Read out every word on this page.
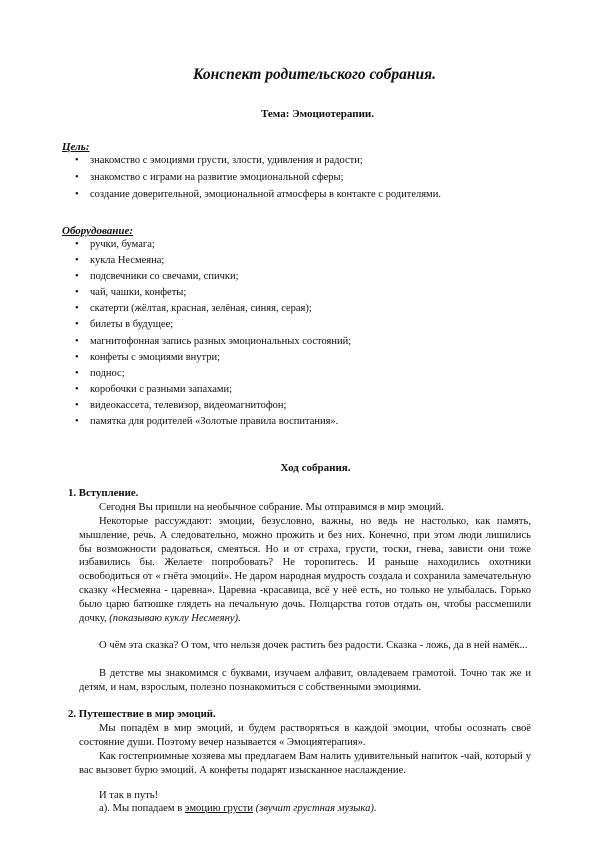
Конспект родительского собрания.
Тема: Эмоциотерапии.
Цель:
• знакомство с эмоциями грусти, злости, удивления и радости;
• знакомство с играми на развитие эмоциональной сферы;
• создание доверительной, эмоциональной атмосферы в контакте с родителями.
Оборудование:
• ручки, бумага;
• кукла Несмеяна;
• подсвечники со свечами, спички;
• чай, чашки, конфеты;
• скатерти (жёлтая, красная, зелёная, синяя, серая);
• билеты в будущее;
• магнитофонная запись разных эмоциональных состояний;
• конфеты с эмоциями внутри;
• поднос;
• коробочки с разными запахами;
• видеокассета, телевизор, видеомагнитофон;
• памятка для родителей «Золотые правила воспитания».
Ход собрания.
1. Вступление.
Сегодня Вы пришли на необычное собрание. Мы отправимся в мир эмоций.
Некоторые рассуждают: эмоции, безусловно, важны, но ведь не настолько, как память, мышление, речь. А следовательно, можно прожить и без них. Конечно, при этом люди лишились бы возможности радоваться, смеяться. Но и от страха, грусти, тоски, гнева, зависти они тоже избавились бы. Желаете попробовать? Не торопитесь. И раньше находились охотники освободиться от « гнёта эмоций». Не даром народная мудрость создала и сохранила замечательную сказку «Несмеяна - царевна». Царевна -красавица, всё у неё есть, но только не улыбалась. Горько было царю батюшке глядеть на печальную дочь. Полцарства готов отдать он, чтобы рассмешили дочку, (показываю куклу Несмеяну).
О чём эта сказка? О том, что нельзя дочек растить без радости. Сказка - ложь, да в ней намёк...
В детстве мы знакомимся с буквами, изучаем алфавит, овладеваем грамотой. Точно так же и детям, и нам, взрослым, полезно познакомиться с собственными эмоциями.
2. Путешествие в мир эмоций.
Мы попадём в мир эмоций, и будем растворяться в каждой эмоции, чтобы осознать своё состояние души. Поэтому вечер называется « Эмоциятерапия».
Как гостеприимные хозяева мы предлагаем Вам налить удивительный напиток -чай, который у вас вызовет бурю эмоций. А конфеты подарят изысканное наслаждение.
И так в путь!
а). Мы попадаем в эмоцию грусти (звучит грустная музыка).
